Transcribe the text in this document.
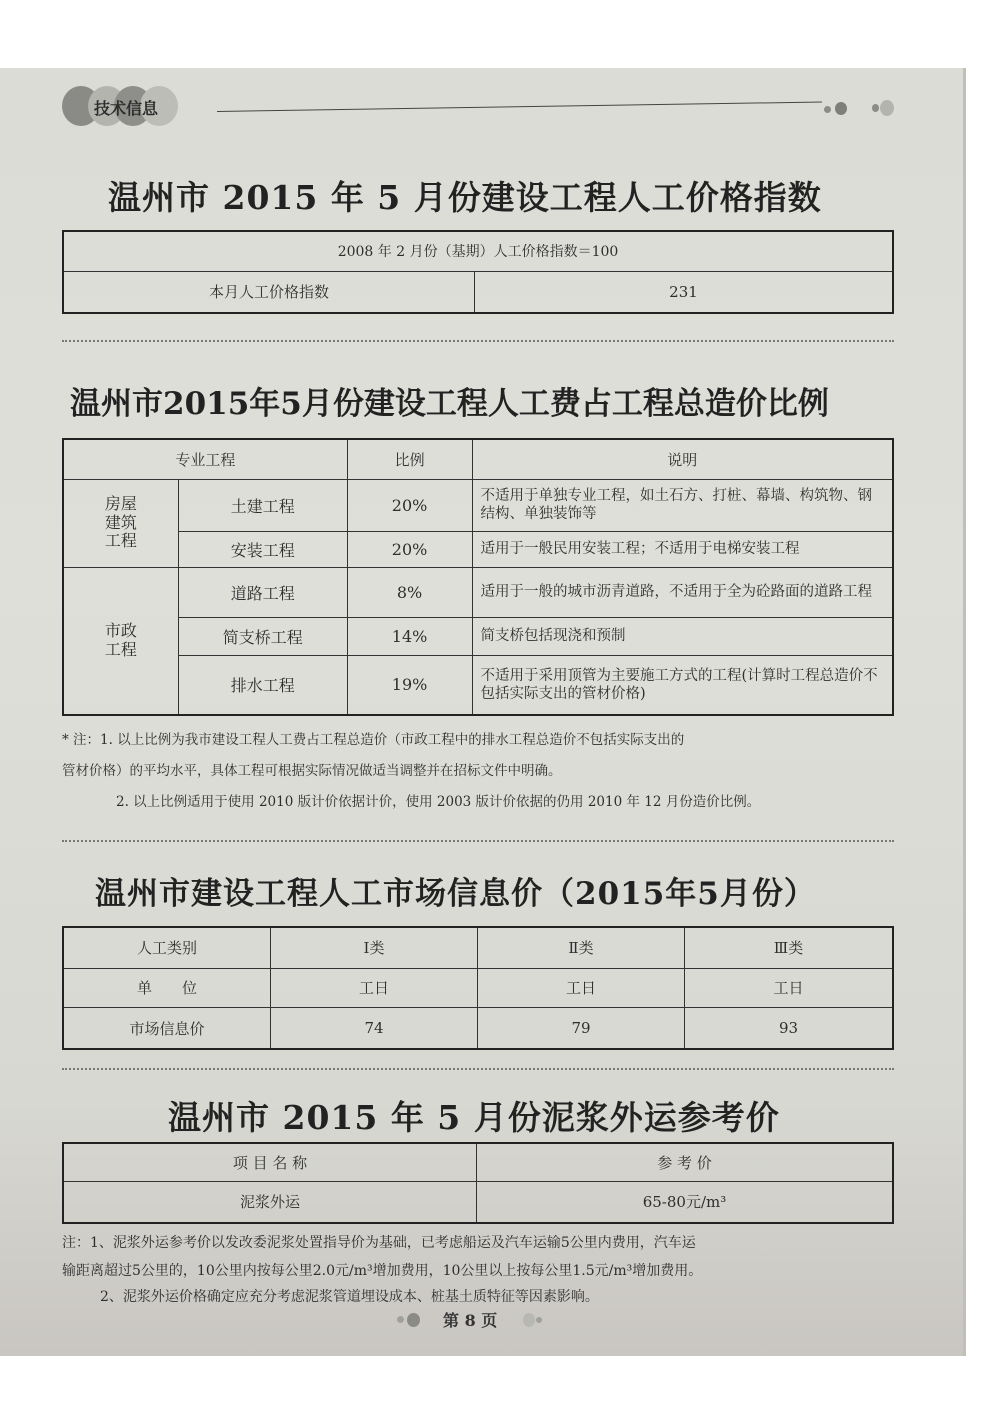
技术信息
温州市 2015 年 5 月份建设工程人工价格指数
2008 年 2 月份（基期）人工价格指数＝100
本月人工价格指数	231
温州市2015年5月份建设工程人工费占工程总造价比例
专业工程		比例	说明

房屋
建筑
工程	土建工程	20%	不适用于单独专业工程，如土石方、打桩、幕墙、构筑物、钢结构、单独装饰等
	安装工程	20%	适用于一般民用安装工程；不适用于电梯安装工程

市政
工程	道路工程	8%	适用于一般的城市沥青道路，不适用于全为砼路面的道路工程
	简支桥工程	14%	简支桥包括现浇和预制
	排水工程	19%	不适用于采用顶管为主要施工方式的工程(计算时工程总造价不包括实际支出的管材价格)
* 注：1. 以上比例为我市建设工程人工费占工程总造价（市政工程中的排水工程总造价不包括实际支出的
管材价格）的平均水平，具体工程可根据实际情况做适当调整并在招标文件中明确。
2. 以上比例适用于使用 2010 版计价依据计价，使用 2003 版计价依据的仍用 2010 年 12 月份造价比例。
温州市建设工程人工市场信息价（2015年5月份）
人工类别	Ⅰ类	Ⅱ类	Ⅲ类
单　　位	工日	工日	工日
市场信息价	74	79	93
温州市 2015 年 5 月份泥浆外运参考价
项 目 名 称	参 考 价
泥浆外运	65-80元/m³
注：1、泥浆外运参考价以发改委泥浆处置指导价为基础，已考虑船运及汽车运输5公里内费用，汽车运
输距离超过5公里的，10公里内按每公里2.0元/m³增加费用，10公里以上按每公里1.5元/m³增加费用。
2、泥浆外运价格确定应充分考虑泥浆管道埋设成本、桩基土质特征等因素影响。
第 8 页
